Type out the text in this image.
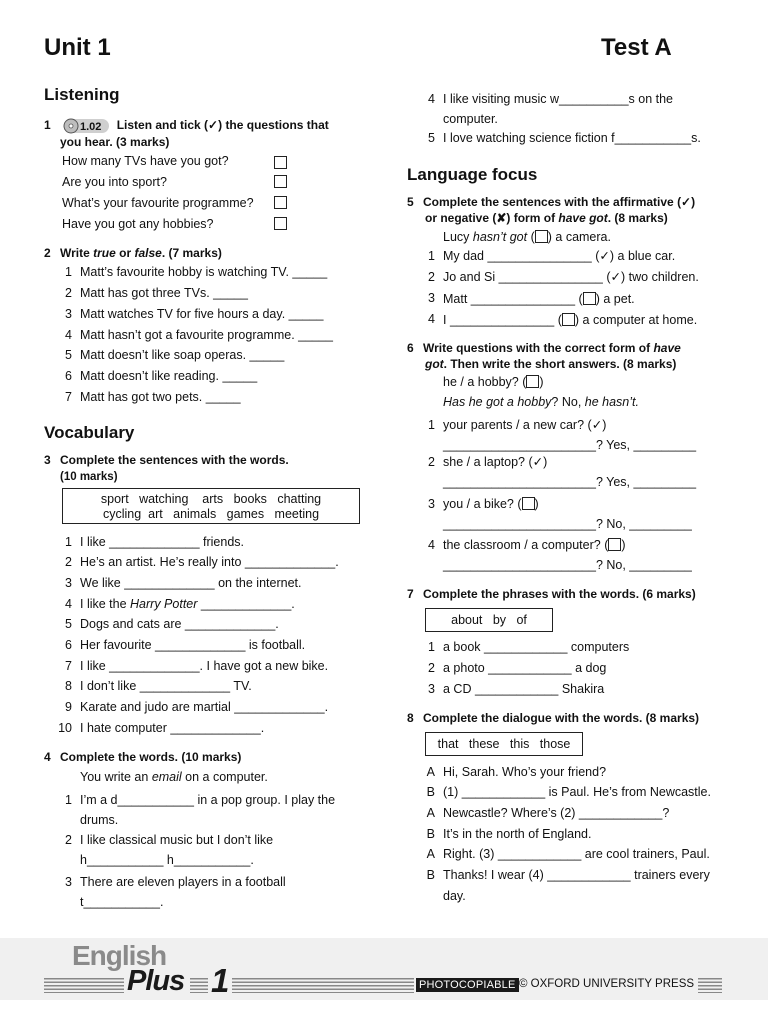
Unit 1	Test A
Listening
1	1.02 Listen and tick (✓) the questions that
you hear. (3 marks)
How many TVs have you got?
Are you into sport?
What’s your favourite programme?
Have you got any hobbies?
2 Write true or false. (7 marks)
1 Matt’s favourite hobby is watching TV. _____
2 Matt has got three TVs. _____
3 Matt watches TV for five hours a day. _____
4 Matt hasn’t got a favourite programme. _____
5 Matt doesn’t like soap operas. _____
6 Matt doesn’t like reading. _____
7 Matt has got two pets. _____
Vocabulary
3 Complete the sentences with the words.
(10 marks)
sport   watching    arts   books   chatting
cycling  art   animals   games   meeting
1 I like _____________ friends.
2 He’s an artist. He’s really into _____________.
3 We like _____________ on the internet.
4 I like the Harry Potter _____________.
5 Dogs and cats are _____________.
6 Her favourite _____________ is football.
7 I like _____________. I have got a new bike.
8 I don’t like _____________ TV.
9 Karate and judo are martial _____________.
10 I hate computer _____________.
4 Complete the words. (10 marks)
You write an email on a computer.
1 I’m a d___________ in a pop group. I play the
drums.
2 I like classical music but I don’t like
h___________ h___________.
3 There are eleven players in a football
t___________.
4 I like visiting music w__________s on the
computer.
5 I love watching science fiction f___________s.
Language focus
5 Complete the sentences with the affirmative (✓)
or negative (✘) form of have got. (8 marks)
Lucy hasn’t got ( ) a camera.
1 My dad _______________ (✓) a blue car.
2 Jo and Si _______________ (✓) two children.
3 Matt _______________ ( ) a pet.
4 I _______________ ( ) a computer at home.
6 Write questions with the correct form of have
got. Then write the short answers. (8 marks)
he / a hobby? ( )
Has he got a hobby? No, he hasn’t.
1 your parents / a new car? (✓)
______________________? Yes, _________
2 she / a laptop? (✓)
______________________? Yes, _________
3 you / a bike? ( )
______________________? No, _________
4 the classroom / a computer? ( )
______________________? No, _________
7 Complete the phrases with the words. (6 marks)
about   by   of
1 a book ____________ computers
2 a photo ____________ a dog
3 a CD ____________ Shakira
8 Complete the dialogue with the words. (8 marks)
that   these   this   those
A Hi, Sarah. Who’s your friend?
B (1) ____________ is Paul. He’s from Newcastle.
A Newcastle? Where’s (2) ____________?
B It’s in the north of England.
A Right. (3) ____________ are cool trainers, Paul.
B Thanks! I wear (4) ____________ trainers every
day.
English
Plus 1	PHOTOCOPIABLE © OXFORD UNIVERSITY PRESS
